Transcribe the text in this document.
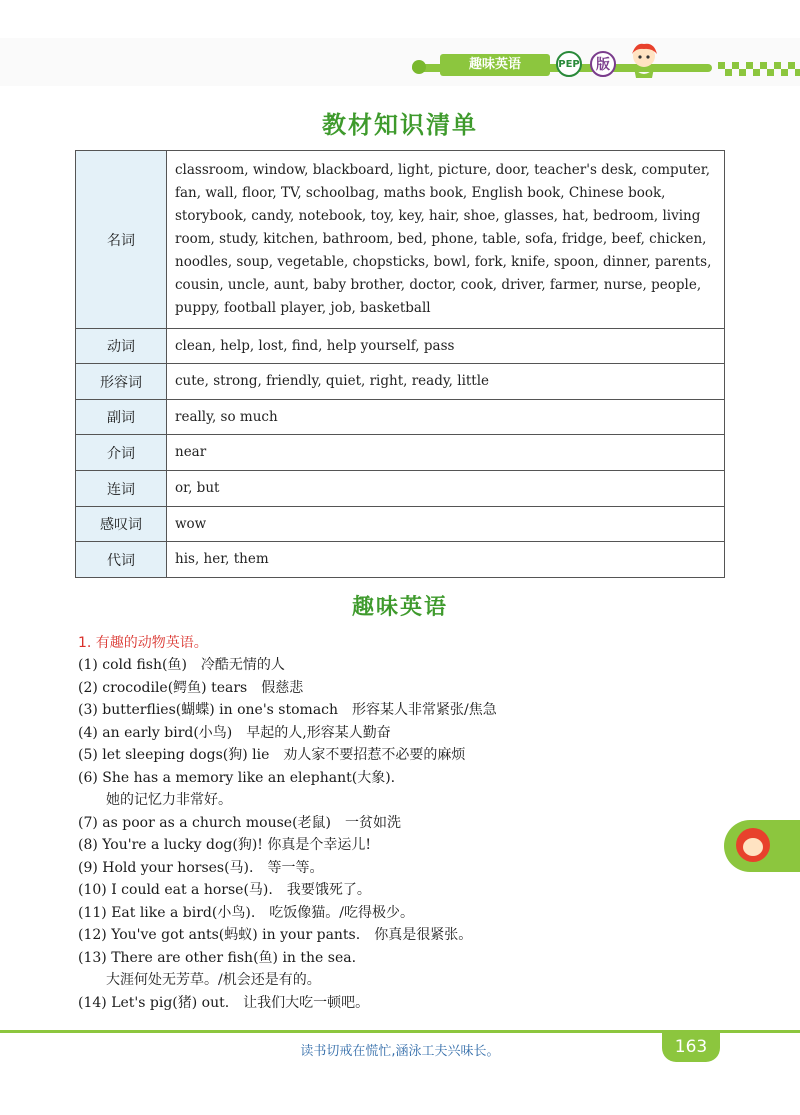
趣味英语	PEP	版
教材知识清单
名词	classroom, window, blackboard, light, picture, door, teacher's desk, computer, fan, wall, floor, TV, schoolbag, maths book, English book, Chinese book, storybook, candy, notebook, toy, key, hair, shoe, glasses, hat, bedroom, living room, study, kitchen, bathroom, bed, phone, table, sofa, fridge, beef, chicken, noodles, soup, vegetable, chopsticks, bowl, fork, knife, spoon, dinner, parents, cousin, uncle, aunt, baby brother, doctor, cook, driver, farmer, nurse, people, puppy, football player, job, basketball
动词	clean, help, lost, find, help yourself, pass
形容词	cute, strong, friendly, quiet, right, ready, little
副词	really, so much
介词	near
连词	or, but
感叹词	wow
代词	his, her, them
趣味英语
1. 有趣的动物英语。
(1) cold fish(鱼)　冷酷无情的人
(2) crocodile(鳄鱼) tears　假慈悲
(3) butterflies(蝴蝶) in one's stomach　形容某人非常紧张/焦急
(4) an early bird(小鸟)　早起的人,形容某人勤奋
(5) let sleeping dogs(狗) lie　劝人家不要招惹不必要的麻烦
(6) She has a memory like an elephant(大象).
她的记忆力非常好。
(7) as poor as a church mouse(老鼠)　一贫如洗
(8) You're a lucky dog(狗)! 你真是个幸运儿!
(9) Hold your horses(马).　等一等。
(10) I could eat a horse(马).　我要饿死了。
(11) Eat like a bird(小鸟).　吃饭像猫。/吃得极少。
(12) You've got ants(蚂蚁) in your pants.　你真是很紧张。
(13) There are other fish(鱼) in the sea.
大涯何处无芳草。/机会还是有的。
(14) Let's pig(猪) out.　让我们大吃一顿吧。
读书切戒在慌忙,涵泳工夫兴味长。	163
